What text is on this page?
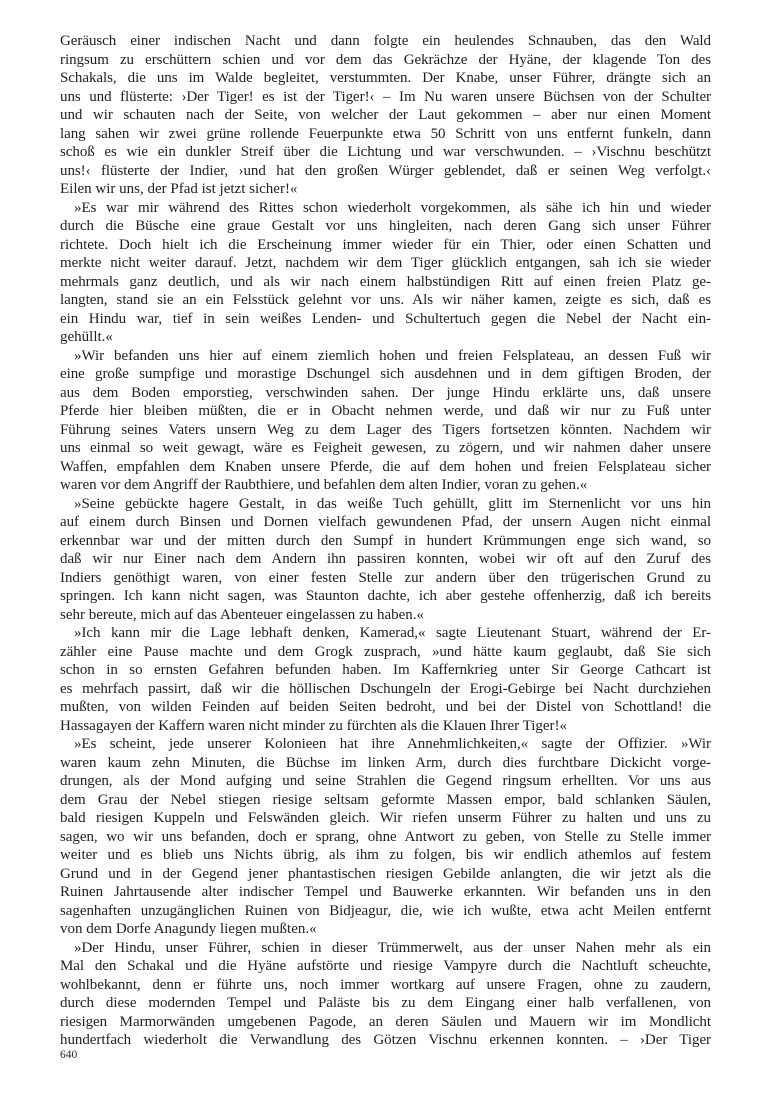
Geräusch einer indischen Nacht und dann folgte ein heulendes Schnauben, das den Wald
ringsum zu erschüttern schien und vor dem das Gekrächze der Hyäne, der klagende Ton des
Schakals, die uns im Walde begleitet, verstummten. Der Knabe, unser Führer, drängte sich an
uns und flüsterte: ›Der Tiger! es ist der Tiger!‹ – Im Nu waren unsere Büchsen von der Schulter
und wir schauten nach der Seite, von welcher der Laut gekommen – aber nur einen Moment
lang sahen wir zwei grüne rollende Feuerpunkte etwa 50 Schritt von uns entfernt funkeln, dann
schoß es wie ein dunkler Streif über die Lichtung und war verschwunden. – ›Vischnu beschützt
uns!‹ flüsterte der Indier, ›und hat den großen Würger geblendet, daß er seinen Weg verfolgt.‹
Eilen wir uns, der Pfad ist jetzt sicher!«
»Es war mir während des Rittes schon wiederholt vorgekommen, als sähe ich hin und wieder
durch die Büsche eine graue Gestalt vor uns hingleiten, nach deren Gang sich unser Führer
richtete. Doch hielt ich die Erscheinung immer wieder für ein Thier, oder einen Schatten und
merkte nicht weiter darauf. Jetzt, nachdem wir dem Tiger glücklich entgangen, sah ich sie wieder
mehrmals ganz deutlich, und als wir nach einem halbstündigen Ritt auf einen freien Platz ge-
langten, stand sie an ein Felsstück gelehnt vor uns. Als wir näher kamen, zeigte es sich, daß es
ein Hindu war, tief in sein weißes Lenden- und Schultertuch gegen die Nebel der Nacht ein-
gehüllt.«
»Wir befanden uns hier auf einem ziemlich hohen und freien Felsplateau, an dessen Fuß wir
eine große sumpfige und morastige Dschungel sich ausdehnen und in dem giftigen Broden, der
aus dem Boden emporstieg, verschwinden sahen. Der junge Hindu erklärte uns, daß unsere
Pferde hier bleiben müßten, die er in Obacht nehmen werde, und daß wir nur zu Fuß unter
Führung seines Vaters unsern Weg zu dem Lager des Tigers fortsetzen könnten. Nachdem wir
uns einmal so weit gewagt, wäre es Feigheit gewesen, zu zögern, und wir nahmen daher unsere
Waffen, empfahlen dem Knaben unsere Pferde, die auf dem hohen und freien Felsplateau sicher
waren vor dem Angriff der Raubthiere, und befahlen dem alten Indier, voran zu gehen.«
»Seine gebückte hagere Gestalt, in das weiße Tuch gehüllt, glitt im Sternenlicht vor uns hin
auf einem durch Binsen und Dornen vielfach gewundenen Pfad, der unsern Augen nicht einmal
erkennbar war und der mitten durch den Sumpf in hundert Krümmungen enge sich wand, so
daß wir nur Einer nach dem Andern ihn passiren konnten, wobei wir oft auf den Zuruf des
Indiers genöthigt waren, von einer festen Stelle zur andern über den trügerischen Grund zu
springen. Ich kann nicht sagen, was Staunton dachte, ich aber gestehe offenherzig, daß ich bereits
sehr bereute, mich auf das Abenteuer eingelassen zu haben.«
»Ich kann mir die Lage lebhaft denken, Kamerad,« sagte Lieutenant Stuart, während der Er-
zähler eine Pause machte und dem Grogk zusprach, »und hätte kaum geglaubt, daß Sie sich
schon in so ernsten Gefahren befunden haben. Im Kaffernkrieg unter Sir George Cathcart ist
es mehrfach passirt, daß wir die höllischen Dschungeln der Erogi-Gebirge bei Nacht durchziehen
mußten, von wilden Feinden auf beiden Seiten bedroht, und bei der Distel von Schottland! die
Hassagayen der Kaffern waren nicht minder zu fürchten als die Klauen Ihrer Tiger!«
»Es scheint, jede unserer Kolonieen hat ihre Annehmlichkeiten,« sagte der Offizier. »Wir
waren kaum zehn Minuten, die Büchse im linken Arm, durch dies furchtbare Dickicht vorge-
drungen, als der Mond aufging und seine Strahlen die Gegend ringsum erhellten. Vor uns aus
dem Grau der Nebel stiegen riesige seltsam geformte Massen empor, bald schlanken Säulen,
bald riesigen Kuppeln und Felswänden gleich. Wir riefen unserm Führer zu halten und uns zu
sagen, wo wir uns befanden, doch er sprang, ohne Antwort zu geben, von Stelle zu Stelle immer
weiter und es blieb uns Nichts übrig, als ihm zu folgen, bis wir endlich athemlos auf festem
Grund und in der Gegend jener phantastischen riesigen Gebilde anlangten, die wir jetzt als die
Ruinen Jahrtausende alter indischer Tempel und Bauwerke erkannten. Wir befanden uns in den
sagenhaften unzugänglichen Ruinen von Bidjeagur, die, wie ich wußte, etwa acht Meilen entfernt
von dem Dorfe Anagundy liegen mußten.«
»Der Hindu, unser Führer, schien in dieser Trümmerwelt, aus der unser Nahen mehr als ein
Mal den Schakal und die Hyäne aufstörte und riesige Vampyre durch die Nachtluft scheuchte,
wohlbekannt, denn er führte uns, noch immer wortkarg auf unsere Fragen, ohne zu zaudern,
durch diese modernden Tempel und Paläste bis zu dem Eingang einer halb verfallenen, von
riesigen Marmorwänden umgebenen Pagode, an deren Säulen und Mauern wir im Mondlicht
hundertfach wiederholt die Verwandlung des Götzen Vischnu erkennen konnten. – ›Der Tiger
640
